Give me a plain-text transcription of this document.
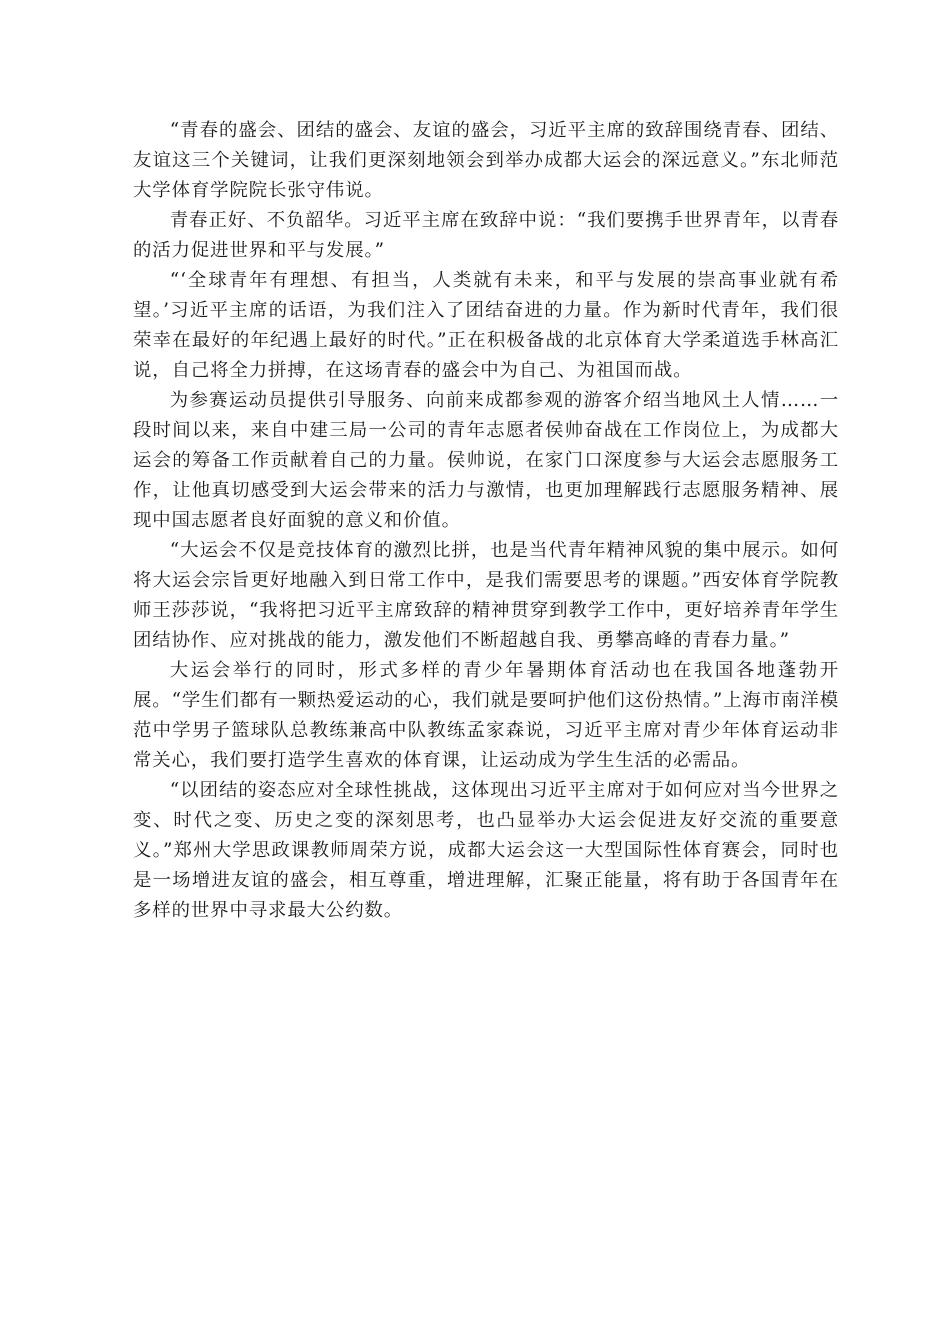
“青春的盛会、团结的盛会、友谊的盛会，习近平主席的致辞围绕青春、团结、友谊这三个关键词，让我们更深刻地领会到举办成都大运会的深远意义。”东北师范大学体育学院院长张守伟说。

青春正好、不负韶华。习近平主席在致辞中说：“我们要携手世界青年，以青春的活力促进世界和平与发展。”

“‘全球青年有理想、有担当，人类就有未来，和平与发展的崇高事业就有希望。’习近平主席的话语，为我们注入了团结奋进的力量。作为新时代青年，我们很荣幸在最好的年纪遇上最好的时代。”正在积极备战的北京体育大学柔道选手林高汇说，自己将全力拼搏，在这场青春的盛会中为自己、为祖国而战。

为参赛运动员提供引导服务、向前来成都参观的游客介绍当地风土人情……一段时间以来，来自中建三局一公司的青年志愿者侯帅奋战在工作岗位上，为成都大运会的筹备工作贡献着自己的力量。侯帅说，在家门口深度参与大运会志愿服务工作，让他真切感受到大运会带来的活力与激情，也更加理解践行志愿服务精神、展现中国志愿者良好面貌的意义和价值。

“大运会不仅是竞技体育的激烈比拼，也是当代青年精神风貌的集中展示。如何将大运会宗旨更好地融入到日常工作中，是我们需要思考的课题。”西安体育学院教师王莎莎说，“我将把习近平主席致辞的精神贯穿到教学工作中，更好培养青年学生团结协作、应对挑战的能力，激发他们不断超越自我、勇攀高峰的青春力量。”

大运会举行的同时，形式多样的青少年暑期体育活动也在我国各地蓬勃开展。“学生们都有一颗热爱运动的心，我们就是要呵护他们这份热情。”上海市南洋模范中学男子篮球队总教练兼高中队教练孟家森说，习近平主席对青少年体育运动非常关心，我们要打造学生喜欢的体育课，让运动成为学生生活的必需品。

“以团结的姿态应对全球性挑战，这体现出习近平主席对于如何应对当今世界之变、时代之变、历史之变的深刻思考，也凸显举办大运会促进友好交流的重要意义。”郑州大学思政课教师周荣方说，成都大运会这一大型国际性体育赛会，同时也是一场增进友谊的盛会，相互尊重，增进理解，汇聚正能量，将有助于各国青年在多样的世界中寻求最大公约数。
